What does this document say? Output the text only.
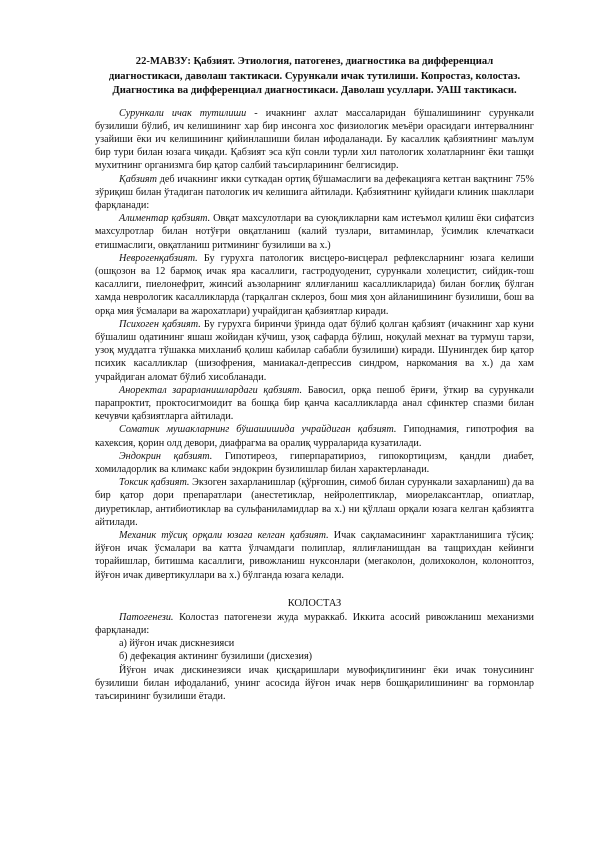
22-МАВЗУ: Қабзият. Этиология, патогенез, диагностика ва дифференциал
диагностикаси, даволаш тактикаси. Сурункали ичак тутилиши. Копростаз, колостаз.
Диагностика ва дифференциал диагностикаси. Даволаш усуллари. УАШ тактикаси.

Сурункали ичак тутилиши - ичакнинг ахлат массаларидан бўшалишининг сурункали бузилиши бўлиб, ич келишининг хар бир инсонга хос физиологик меъёри орасидаги интервалнинг узайиши ёки ич келишининг қийинлашиши билан ифодаланади. Бу касаллик қабзиятнинг маълум бир тури билан юзага чиқади. Қабзият эса кўп сонли турли хил патологик холатларнинг ёки ташқи мухитнинг организмга бир қатор салбий таъсирларининг белгисидир.

Қабзият деб ичакнинг икки суткадан ортиқ бўшамаслиги ва дефекацияга кетган вақтнинг 75% зўриқиш билан ўтадиган патологик ич келишига айтилади. Қабзиятнинг қуйидаги клиник шакллари фарқланади:

Алиментар қабзият. Овқат махсулотлари ва суюқликларни кам истеъмол қилиш ёки сифатсиз махсулротлар билан нотўғри овқатланиш (калий тузлари, витаминлар, ўсимлик клечаткаси етишмаслиги, овқатланиш ритмининг бузилиши ва х.)

Неврогенқабзият. Бу гурухга патологик висцеро-висцерал рефлексларнинг юзага келиши (ошқозон ва 12 бармоқ ичак яра касаллиги, гастродуоденит, сурункали холецистит, сийдик-тош касаллиги, пиелонефрит, жинсий аъзоларнинг яллиғланиш касалликларида) билан боғлиқ бўлган хамда неврологик касалликларда (тарқалган склероз, бош мия ҳон айланишининг бузилиши, бош ва орқа мия ўсмалари ва жарохатлари) учрайдиган қабзиятлар киради.

Психоген қабзият. Бу гурухга биринчи ўринда одат бўлиб қолган қабзият (ичакнинг хар куни бўшалиш одатининг яшаш жойидан кўчиш, узоқ сафарда бўлиш, ноқулай мехнат ва турмуш тарзи, узоқ муддатга тўшакка михланиб қолиш кабилар сабабли бузилиши) киради. Шунингдек бир қатор психик касалликлар (шизофрения, маниакал-депрессив синдром, наркомания ва х.) да хам учрайдиган аломат бўлиб хисобланади.

Аноректал зарарланишлардаги қабзият. Бавосил, орқа пешоб ёриғи, ўткир ва сурункали парапроктит, проктосигмоидит ва бошқа бир қанча касалликларда анал сфинктер спазми билан кечувчи қабзиятларга айтилади.

Соматик мушакларнинг бўшашишида учрайдиган қабзият. Гиподнамия, гипотрофия ва кахексия, қорин олд девори, диафрагма ва оралиқ чурраларида кузатилади.

Эндокрин қабзият. Гипотиреоз, гиперпаратириоз, гипокортицизм, қандли диабет, хомиладорлик ва климакс каби эндокрин бузилишлар билан характерланади.

Токсик қабзият. Экзоген захарланишлар (қўрғошин, симоб билан сурункали захарланиш) да ва бир қатор дори препаратлари (анестетиклар, нейролептиклар, миорелаксантлар, опиатлар, диуретиклар, антибиотиклар ва сульфаниламидлар ва х.) ни қўллаш орқали юзага келган қабзиятга айтилади.

Механик тўсиқ орқали юзага келган қабзият. Ичак сақламасининг характланишига тўсиқ: йўғон ичак ўсмалари ва катта ўлчамдаги полиплар, яллиғланишдан ва тащрихдан кейинги торайишлар, битишма касаллиги, ривожланиш нуксонлари (мегаколон, долихоколон, колоноптоз, йўғон ичак дивертикуллари ва х.) бўлганда юзага келади.

КОЛОСТАЗ

Патогенези. Колостаз патогенези жуда мураккаб. Иккита асосий ривожланиш механизми фарқланади:

а) йўғон ичак дискнезияси

б) дефекация актининг бузилиши (дисхезия)

Йўғон ичак дискинезияси ичак қисқаришлари мувофиқлигининг ёки ичак тонусининг бузилиши билан ифодаланиб, унинг асосида йўғон ичак нерв бошқарилишининг ва гормонлар таъсирининг бузилиши ётади.
